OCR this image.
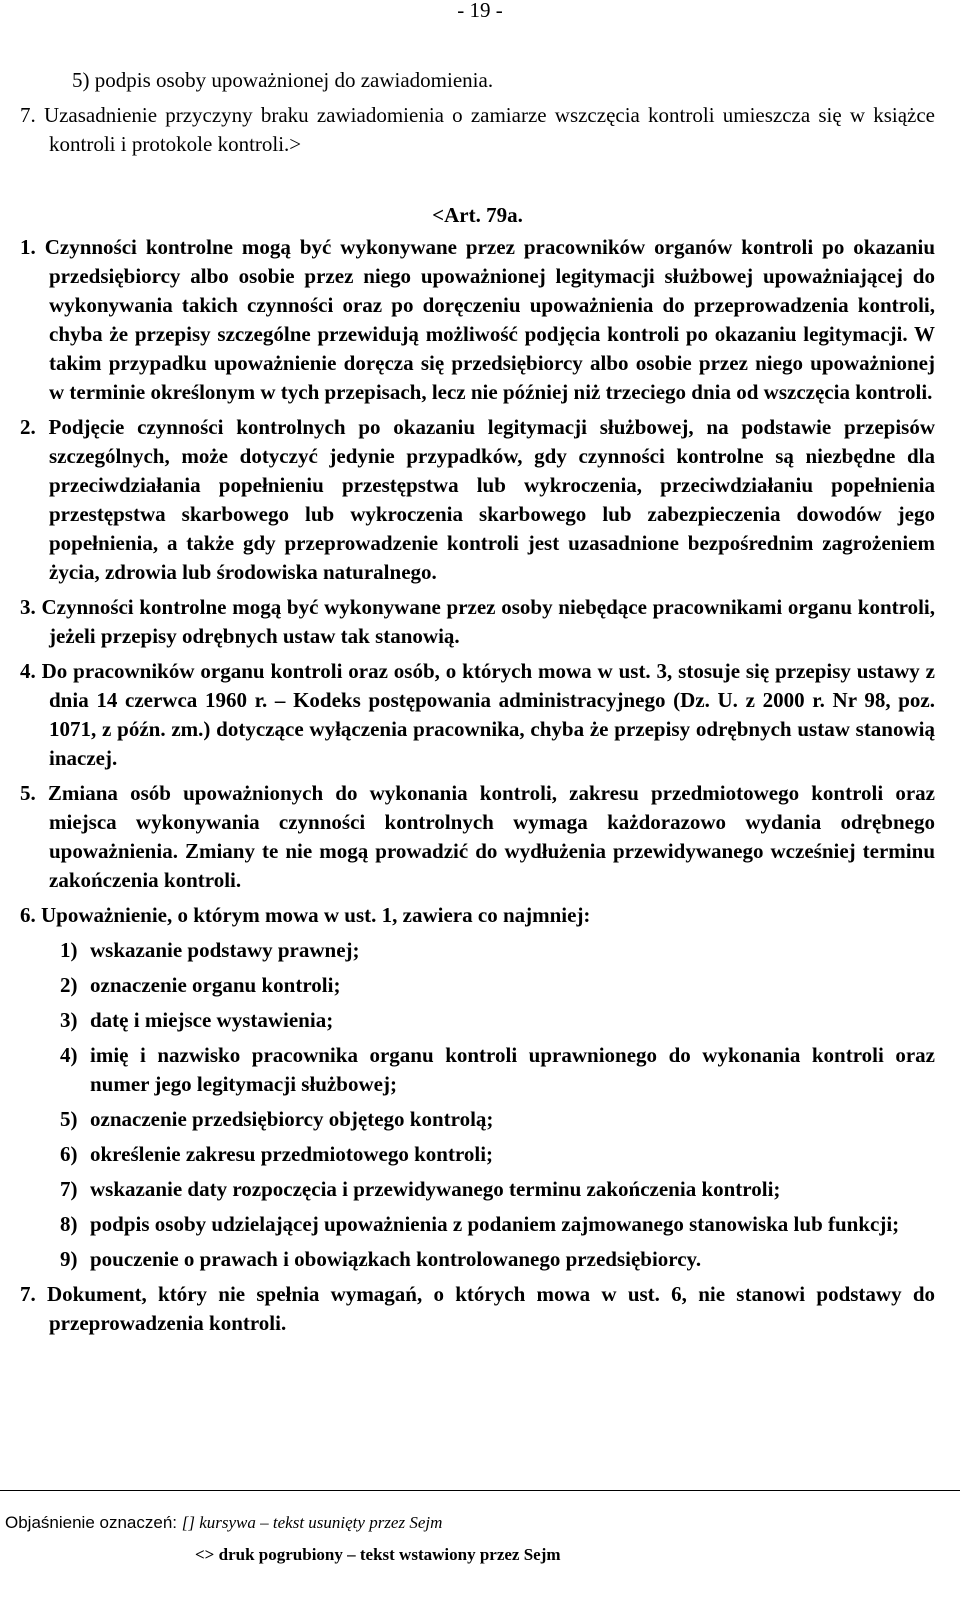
- 19 -

5) podpis osoby upoważnionej do zawiadomienia.

7. Uzasadnienie przyczyny braku zawiadomienia o zamiarze wszczęcia kontroli umieszcza się w książce kontroli i protokole kontroli.>

<Art. 79a.

1. Czynności kontrolne mogą być wykonywane przez pracowników organów kontroli po okazaniu przedsiębiorcy albo osobie przez niego upoważnionej legitymacji służbowej upoważniającej do wykonywania takich czynności oraz po doręczeniu upoważnienia do przeprowadzenia kontroli, chyba że przepisy szczególne przewidują możliwość podjęcia kontroli po okazaniu legitymacji. W takim przypadku upoważnienie doręcza się przedsiębiorcy albo osobie przez niego upoważnionej w terminie określonym w tych przepisach, lecz nie później niż trzeciego dnia od wszczęcia kontroli.

2. Podjęcie czynności kontrolnych po okazaniu legitymacji służbowej, na podstawie przepisów szczególnych, może dotyczyć jedynie przypadków, gdy czynności kontrolne są niezbędne dla przeciwdziałania popełnieniu przestępstwa lub wykroczenia, przeciwdziałaniu popełnienia przestępstwa skarbowego lub wykroczenia skarbowego lub zabezpieczenia dowodów jego popełnienia, a także gdy przeprowadzenie kontroli jest uzasadnione bezpośrednim zagrożeniem życia, zdrowia lub środowiska naturalnego.

3. Czynności kontrolne mogą być wykonywane przez osoby niebędące pracownikami organu kontroli, jeżeli przepisy odrębnych ustaw tak stanowią.

4. Do pracowników organu kontroli oraz osób, o których mowa w ust. 3, stosuje się przepisy ustawy z dnia 14 czerwca 1960 r. – Kodeks postępowania administracyjnego (Dz. U. z 2000 r. Nr 98, poz. 1071, z późn. zm.) dotyczące wyłączenia pracownika, chyba że przepisy odrębnych ustaw stanowią inaczej.

5. Zmiana osób upoważnionych do wykonania kontroli, zakresu przedmiotowego kontroli oraz miejsca wykonywania czynności kontrolnych wymaga każdorazowo wydania odrębnego upoważnienia. Zmiany te nie mogą prowadzić do wydłużenia przewidywanego wcześniej terminu zakończenia kontroli.

6. Upoważnienie, o którym mowa w ust. 1, zawiera co najmniej:

1) wskazanie podstawy prawnej;
2) oznaczenie organu kontroli;
3) datę i miejsce wystawienia;
4) imię i nazwisko pracownika organu kontroli uprawnionego do wykonania kontroli oraz numer jego legitymacji służbowej;
5) oznaczenie przedsiębiorcy objętego kontrolą;
6) określenie zakresu przedmiotowego kontroli;
7) wskazanie daty rozpoczęcia i przewidywanego terminu zakończenia kontroli;
8) podpis osoby udzielającej upoważnienia z podaniem zajmowanego stanowiska lub funkcji;
9) pouczenie o prawach i obowiązkach kontrolowanego przedsiębiorcy.

7. Dokument, który nie spełnia wymagań, o których mowa w ust. 6, nie stanowi podstawy do przeprowadzenia kontroli.

Objaśnienie oznaczeń: [] kursywa – tekst usunięty przez Sejm
<> druk pogrubiony – tekst wstawiony przez Sejm
